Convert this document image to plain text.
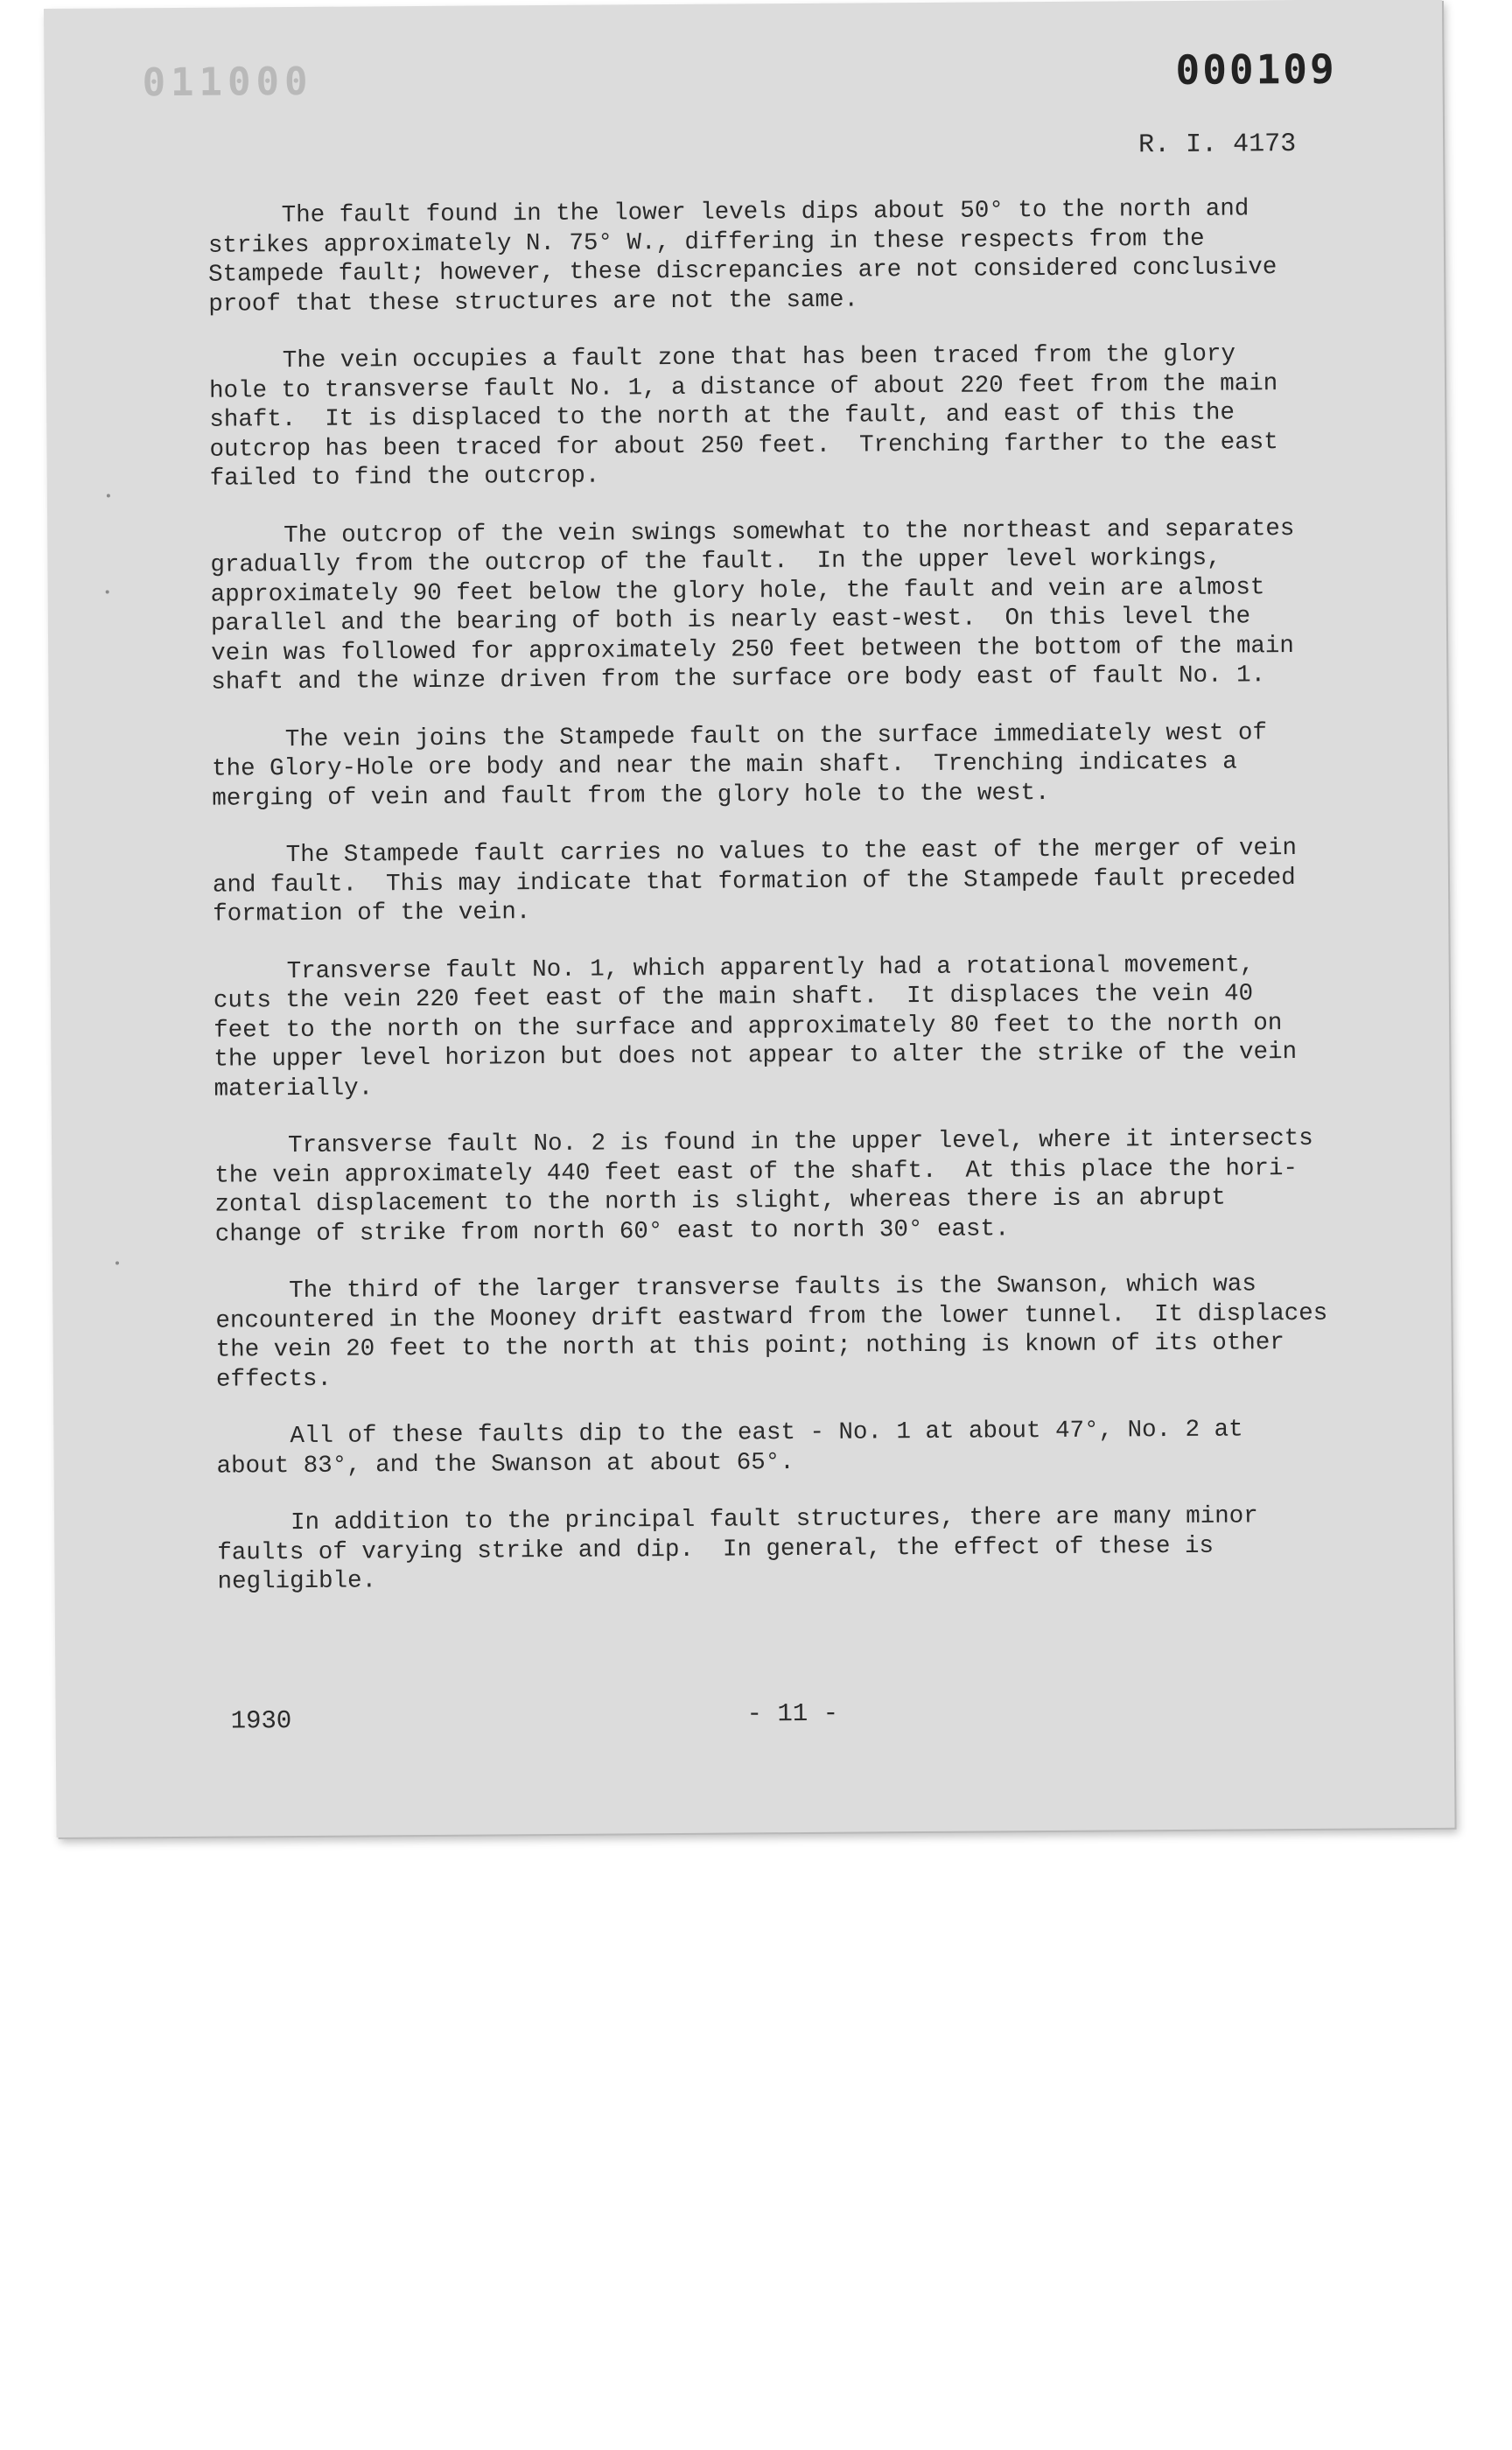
011000	000109
R. I. 4173
The fault found in the lower levels dips about 50° to the north and
strikes approximately N. 75° W., differing in these respects from the
Stampede fault; however, these discrepancies are not considered conclusive
proof that these structures are not the same.
The vein occupies a fault zone that has been traced from the glory
hole to transverse fault No. 1, a distance of about 220 feet from the main
shaft.  It is displaced to the north at the fault, and east of this the
outcrop has been traced for about 250 feet.  Trenching farther to the east
failed to find the outcrop.
The outcrop of the vein swings somewhat to the northeast and separates
gradually from the outcrop of the fault.  In the upper level workings,
approximately 90 feet below the glory hole, the fault and vein are almost
parallel and the bearing of both is nearly east-west.  On this level the
vein was followed for approximately 250 feet between the bottom of the main
shaft and the winze driven from the surface ore body east of fault No. 1.
The vein joins the Stampede fault on the surface immediately west of
the Glory-Hole ore body and near the main shaft.  Trenching indicates a
merging of vein and fault from the glory hole to the west.
The Stampede fault carries no values to the east of the merger of vein
and fault.  This may indicate that formation of the Stampede fault preceded
formation of the vein.
Transverse fault No. 1, which apparently had a rotational movement,
cuts the vein 220 feet east of the main shaft.  It displaces the vein 40
feet to the north on the surface and approximately 80 feet to the north on
the upper level horizon but does not appear to alter the strike of the vein
materially.
Transverse fault No. 2 is found in the upper level, where it intersects
the vein approximately 440 feet east of the shaft.  At this place the hori-
zontal displacement to the north is slight, whereas there is an abrupt
change of strike from north 60° east to north 30° east.
The third of the larger transverse faults is the Swanson, which was
encountered in the Mooney drift eastward from the lower tunnel.  It displaces
the vein 20 feet to the north at this point; nothing is known of its other
effects.
All of these faults dip to the east - No. 1 at about 47°, No. 2 at
about 83°, and the Swanson at about 65°.
In addition to the principal fault structures, there are many minor
faults of varying strike and dip.  In general, the effect of these is
negligible.
1930	- 11 -
